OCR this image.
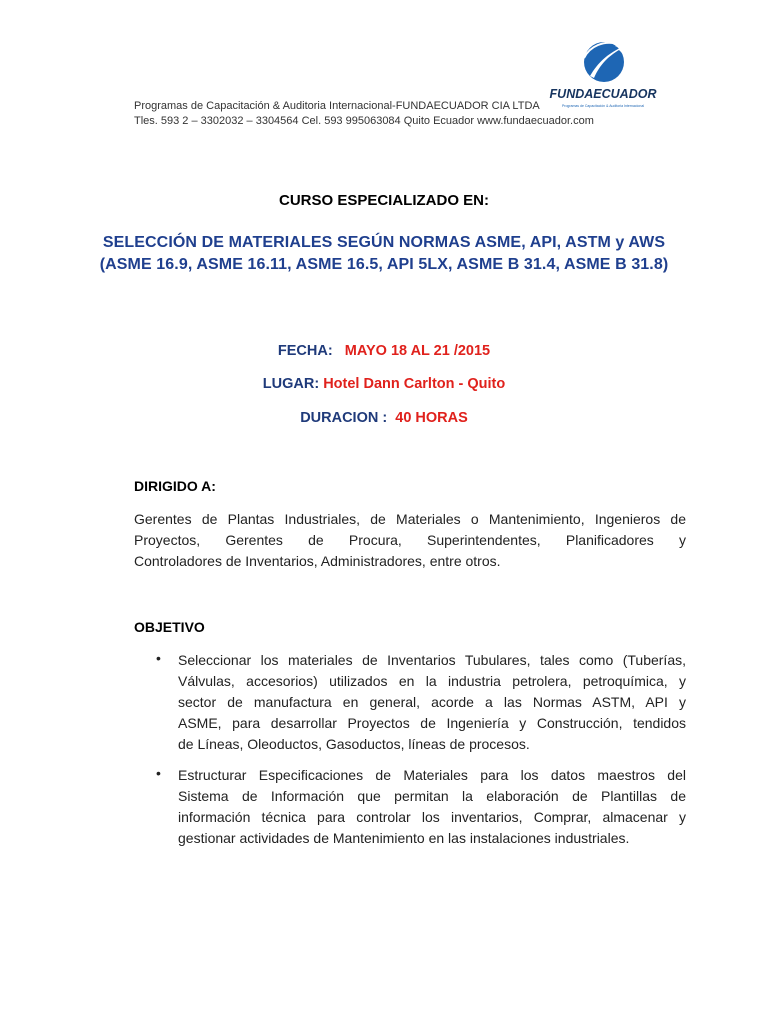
Programas de Capacitación & Auditoria Internacional-FUNDAECUADOR CIA LTDA
Tles. 593 2 – 3302032 – 3304564 Cel. 593 995063084 Quito Ecuador www.fundaecuador.com
FUNDAECUADOR
Programas de Capacitación & Auditoria Internacional
CURSO ESPECIALIZADO EN:
SELECCIÓN DE MATERIALES SEGÚN NORMAS ASME, API, ASTM y AWS
(ASME 16.9, ASME 16.11, ASME 16.5, API 5LX, ASME B 31.4, ASME B 31.8)
FECHA: MAYO 18 AL 21 /2015
LUGAR: Hotel Dann Carlton - Quito
DURACION : 40 HORAS
DIRIGIDO A:
Gerentes de Plantas Industriales, de Materiales o Mantenimiento, Ingenieros de
Proyectos, Gerentes de Procura, Superintendentes, Planificadores y
Controladores de Inventarios, Administradores, entre otros.
OBJETIVO
• Seleccionar los materiales de Inventarios Tubulares, tales como (Tuberías,
Válvulas, accesorios) utilizados en la industria petrolera, petroquímica, y
sector de manufactura en general, acorde a las Normas ASTM, API y
ASME, para desarrollar Proyectos de Ingeniería y Construcción, tendidos
de Líneas, Oleoductos, Gasoductos, líneas de procesos.
• Estructurar Especificaciones de Materiales para los datos maestros del
Sistema de Información que permitan la elaboración de Plantillas de
información técnica para controlar los inventarios, Comprar, almacenar y
gestionar actividades de Mantenimiento en las instalaciones industriales.
